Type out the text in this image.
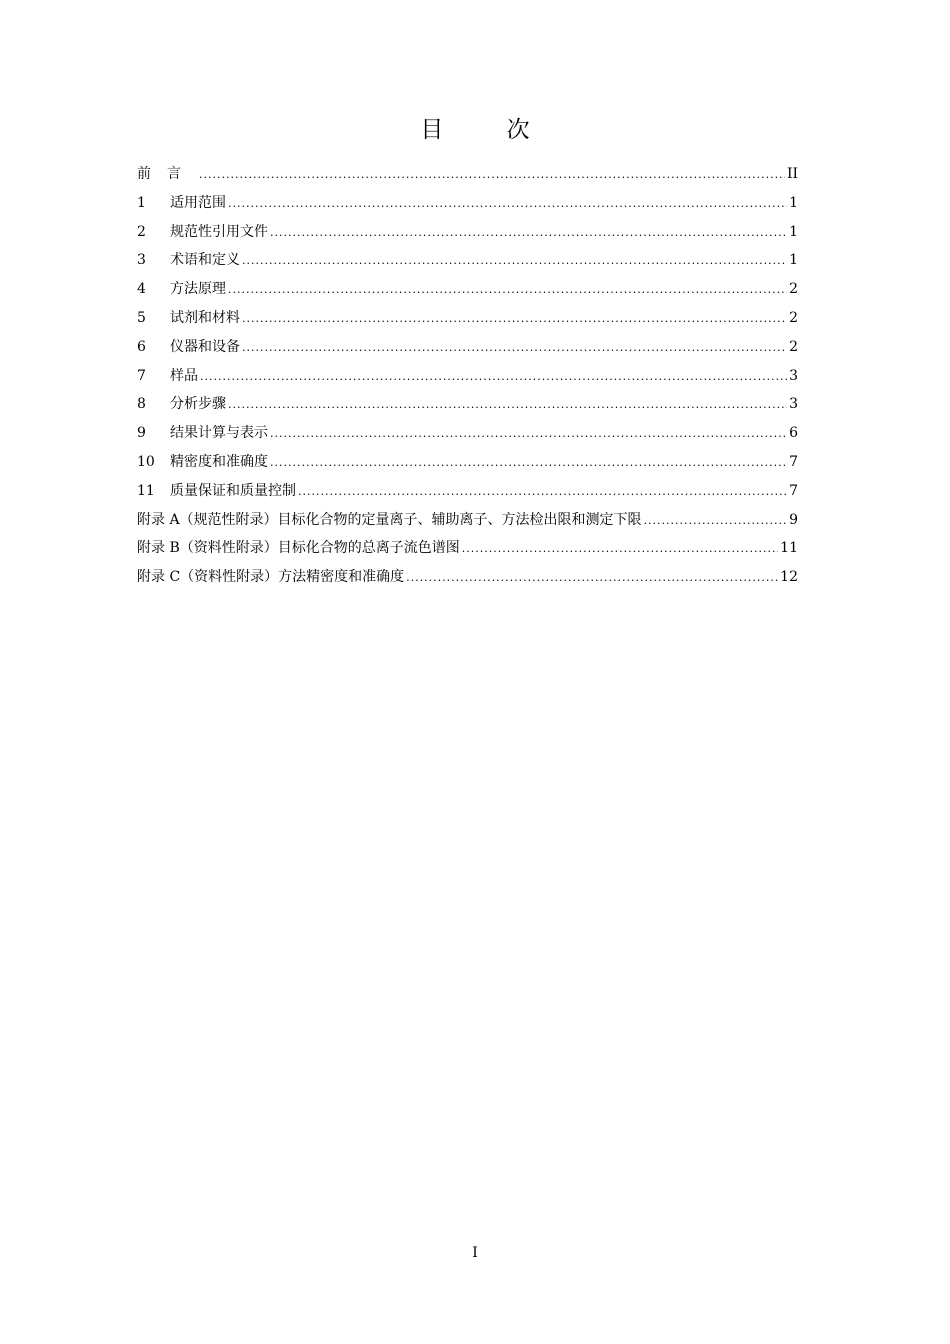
目 次
前言 .....	II
1	适用范围 .....	1
2	规范性引用文件 .....	1
3	术语和定义 .....	1
4	方法原理 .....	2
5	试剂和材料 .....	2
6	仪器和设备 .....	2
7	样品 .....	3
8	分析步骤 .....	3
9	结果计算与表示 .....	6
10	精密度和准确度 .....	7
11	质量保证和质量控制 .....	7
附录 A（规范性附录）目标化合物的定量离子、辅助离子、方法检出限和测定下限 .....	9
附录 B（资料性附录）目标化合物的总离子流色谱图 .....	11
附录 C（资料性附录）方法精密度和准确度 .....	12
I
